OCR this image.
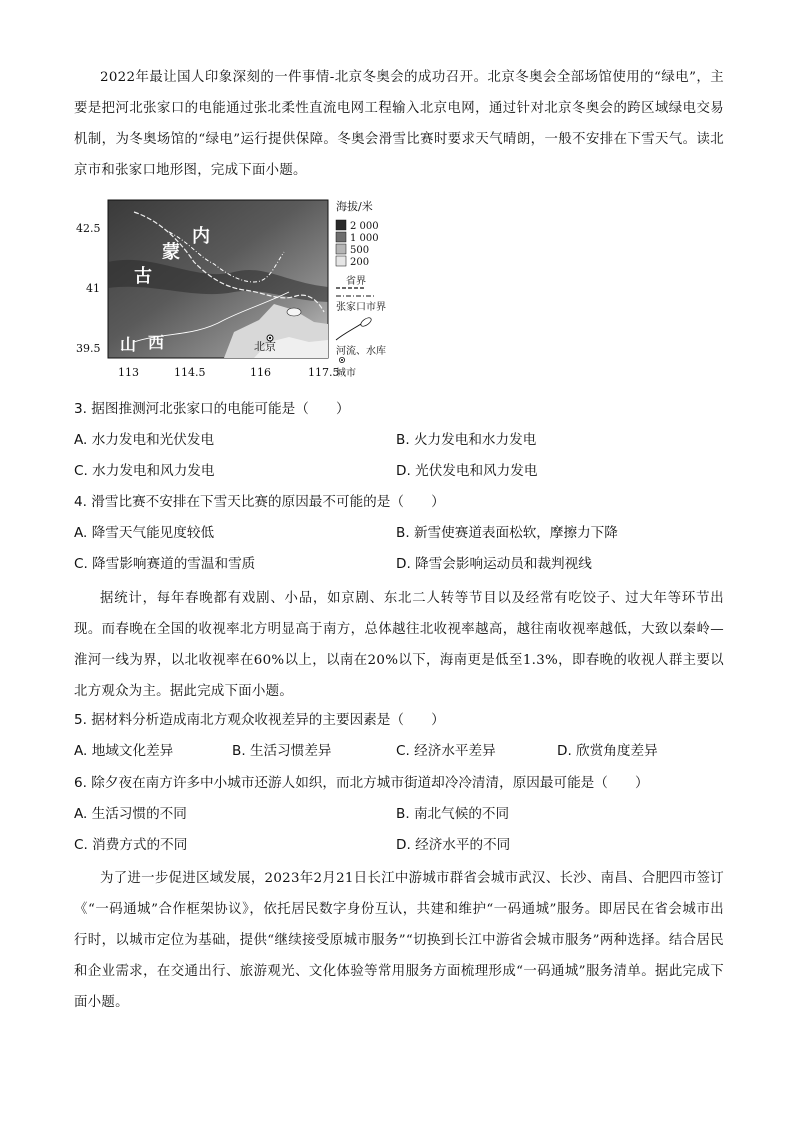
2022年最让国人印象深刻的一件事情-北京冬奥会的成功召开。北京冬奥会全部场馆使用的“绿电”，主要是把河北张家口的电能通过张北柔性直流电网工程输入北京电网，通过针对北京冬奥会的跨区域绿电交易机制，为冬奥场馆的“绿电”运行提供保障。冬奥会滑雪比赛时要求天气晴朗，一般不安排在下雪天气。读北京市和张家口地形图，完成下面小题。
北京
内
蒙
古
山 西
42.5
41
39.5
113	114.5	116	117.5
海拔/米
2 000
1 000
500
200
省界
张家口市界
河流、水库
城市
3. 据图推测河北张家口的电能可能是（　　）
A. 水力发电和光伏发电	B. 火力发电和水力发电
C. 水力发电和风力发电	D. 光伏发电和风力发电
4. 滑雪比赛不安排在下雪天比赛的原因最不可能的是（　　）
A. 降雪天气能见度较低	B. 新雪使赛道表面松软，摩擦力下降
C. 降雪影响赛道的雪温和雪质	D. 降雪会影响运动员和裁判视线
据统计，每年春晚都有戏剧、小品，如京剧、东北二人转等节目以及经常有吃饺子、过大年等环节出现。而春晚在全国的收视率北方明显高于南方，总体越往北收视率越高，越往南收视率越低，大致以秦岭—淮河一线为界，以北收视率在60%以上，以南在20%以下，海南更是低至1.3%，即春晚的收视人群主要以北方观众为主。据此完成下面小题。
5. 据材料分析造成南北方观众收视差异的主要因素是（　　）
A. 地域文化差异	B. 生活习惯差异	C. 经济水平差异	D. 欣赏角度差异
6. 除夕夜在南方许多中小城市还游人如织，而北方城市街道却冷冷清清，原因最可能是（　　）
A. 生活习惯的不同	B. 南北气候的不同
C. 消费方式的不同	D. 经济水平的不同
为了进一步促进区域发展，2023年2月21日长江中游城市群省会城市武汉、长沙、南昌、合肥四市签订《“一码通城”合作框架协议》，依托居民数字身份互认，共建和维护“一码通城”服务。即居民在省会城市出行时，以城市定位为基础，提供“继续接受原城市服务”“切换到长江中游省会城市服务”两种选择。结合居民和企业需求，在交通出行、旅游观光、文化体验等常用服务方面梳理形成“一码通城”服务清单。据此完成下面小题。
